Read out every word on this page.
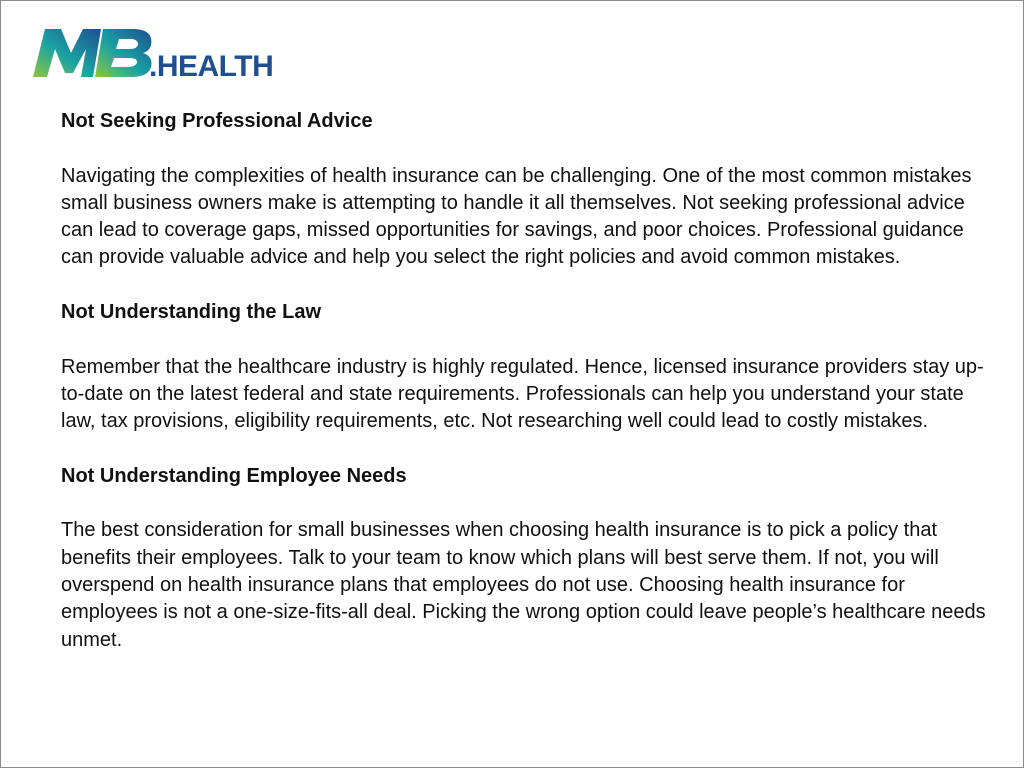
.HEALTH

Not Seeking Professional Advice

Navigating the complexities of health insurance can be challenging. One of the most common mistakes small business owners make is attempting to handle it all themselves. Not seeking professional advice can lead to coverage gaps, missed opportunities for savings, and poor choices. Professional guidance can provide valuable advice and help you select the right policies and avoid common mistakes.

Not Understanding the Law

Remember that the healthcare industry is highly regulated. Hence, licensed insurance providers stay up-to-date on the latest federal and state requirements. Professionals can help you understand your state law, tax provisions, eligibility requirements, etc. Not researching well could lead to costly mistakes.

Not Understanding Employee Needs

The best consideration for small businesses when choosing health insurance is to pick a policy that benefits their employees. Talk to your team to know which plans will best serve them. If not, you will overspend on health insurance plans that employees do not use. Choosing health insurance for employees is not a one-size-fits-all deal. Picking the wrong option could leave people’s healthcare needs unmet.
